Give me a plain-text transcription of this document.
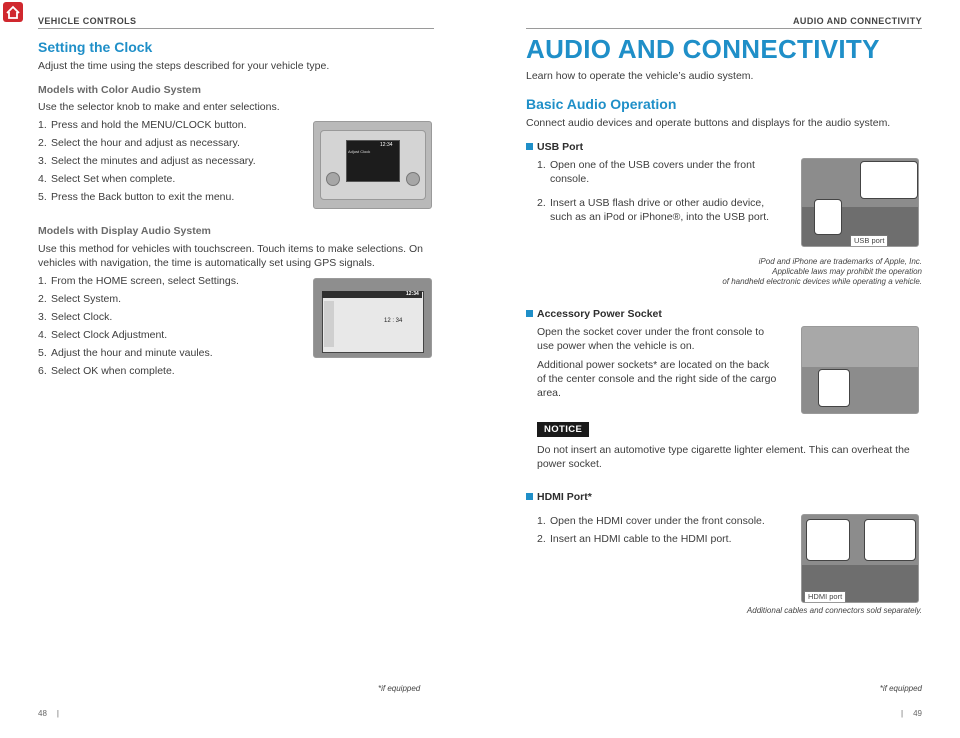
VEHICLE CONTROLS	AUDIO AND CONNECTIVITY
Setting the Clock
Adjust the time using the steps described for your vehicle type.
Models with Color Audio System
Use the selector knob to make and enter selections.
1. Press and hold the MENU/CLOCK button.
2. Select the hour and adjust as necessary.
3. Select the minutes and adjust as necessary.
4. Select Set when complete.
5. Press the Back button to exit the menu.
Adjust Clock
12:34
Models with Display Audio System
Use this method for vehicles with touchscreen. Touch items to make selections. On
vehicles with navigation, the time is automatically set using GPS signals.
1. From the HOME screen, select Settings.
2. Select System.
3. Select Clock.
4. Select Clock Adjustment.
5. Adjust the hour and minute vaules.
6. Select OK when complete.
12:34
12 : 34
*if equipped
48 |
AUDIO AND CONNECTIVITY
Learn how to operate the vehicle’s audio system.
Basic Audio Operation
Connect audio devices and operate buttons and displays for the audio system.
USB Port
1. Open one of the USB covers under the front
console.
2. Insert a USB flash drive or other audio device,
such as an iPod or iPhone®, into the USB port.
USB port
iPod and iPhone are trademarks of Apple, Inc.
Applicable laws may prohibit the operation
of handheld electronic devices while operating a vehicle.
Accessory Power Socket
Open the socket cover under the front console to
use power when the vehicle is on.
Additional power sockets* are located on the back
of the center console and the right side of the cargo
area.
NOTICE
Do not insert an automotive type cigarette lighter element. This can overheat the
power socket.
HDMI Port*
1. Open the HDMI cover under the front console.
2. Insert an HDMI cable to the HDMI port.
HDMI port
Additional cables and connectors sold separately.
*if equipped
| 49
